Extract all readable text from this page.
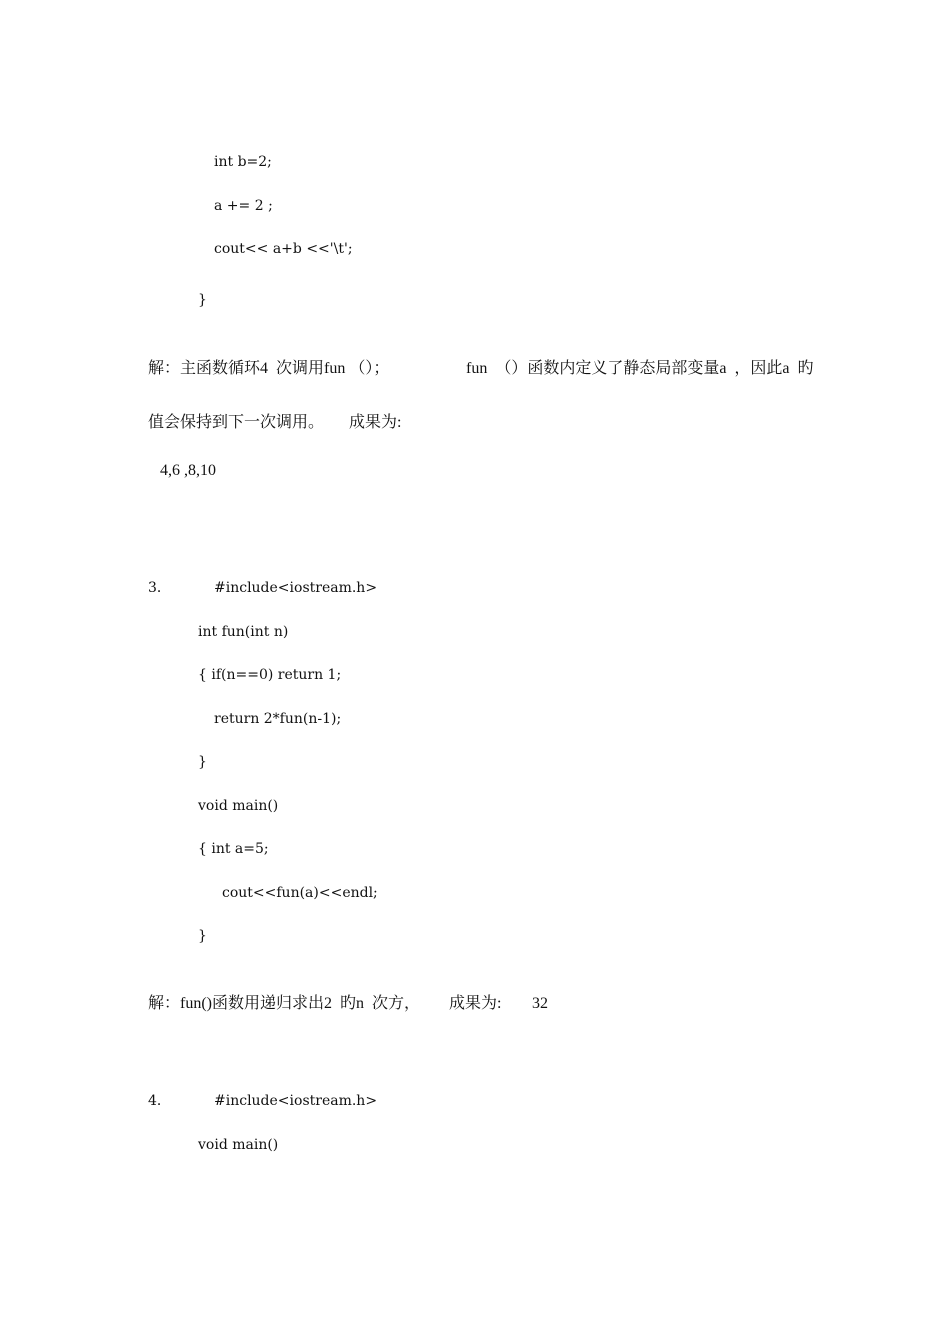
int b=2;
a += 2 ;
cout<< a+b <<'\t';
}

解：主函数循环4  次调用fun （）；

	fun  （）函数内定义了静态局部变量a  ，因此a  旳

值会保持到下一次调用。

成果为:

4,6 ,8,10
3．	#include<iostream.h>
int fun(int n)
{ if(n==0) return 1;
return 2*fun(n-1);
}
void main()
{ int a=5;
cout<<fun(a)<<endl;
}

解：fun()函数用递归求出2  旳n  次方，

成果为:

32

4．	#include<iostream.h>
void main()
